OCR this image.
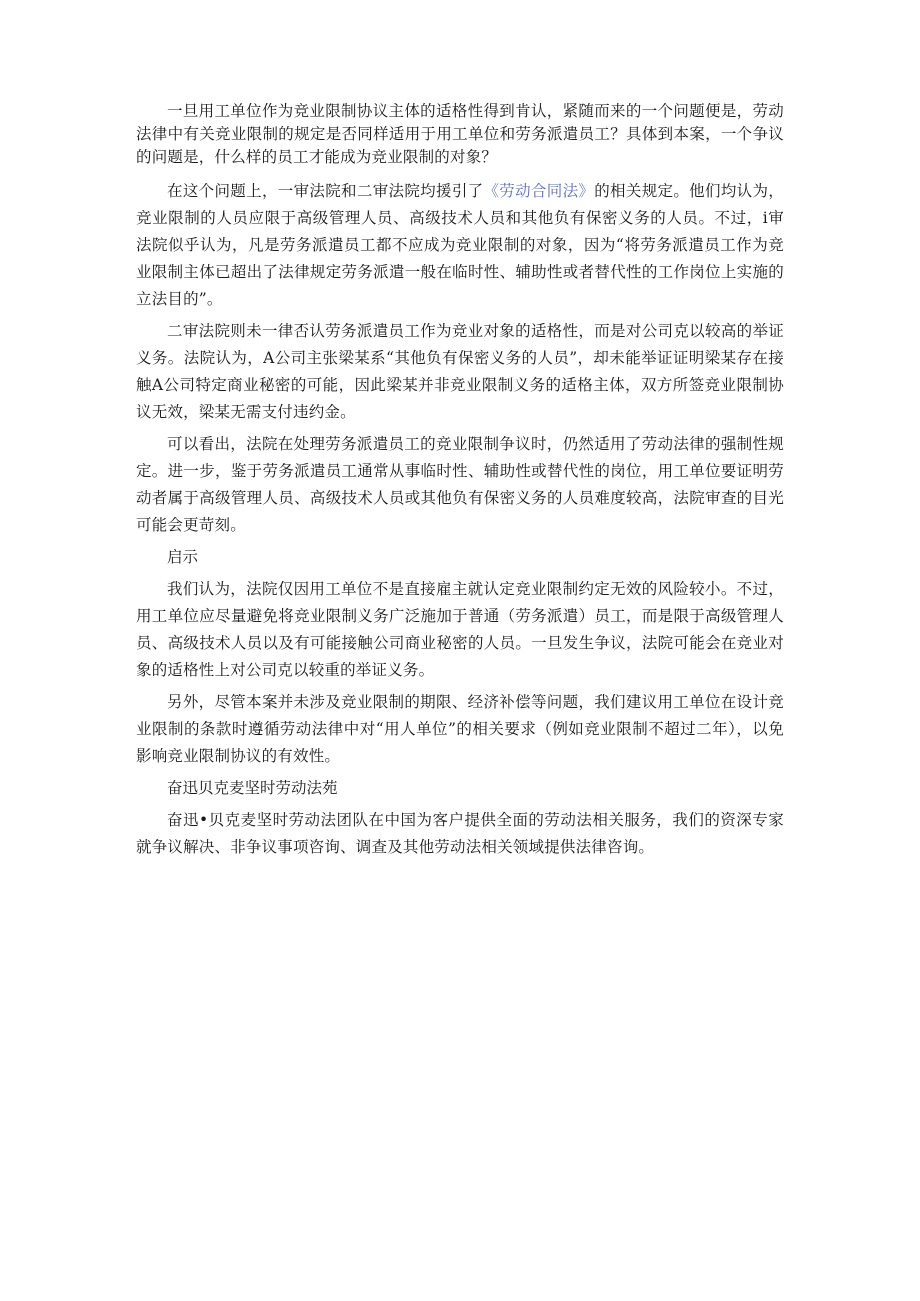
一旦用工单位作为竞业限制协议主体的适格性得到肯认，紧随而来的一个问题便是，劳动法律中有关竞业限制的规定是否同样适用于用工单位和劳务派遣员工？具体到本案，一个争议的问题是，什么样的员工才能成为竞业限制的对象？

在这个问题上，一审法院和二审法院均援引了《劳动合同法》的相关规定。他们均认为，竞业限制的人员应限于高级管理人员、高级技术人员和其他负有保密义务的人员。不过，i审法院似乎认为，凡是劳务派遣员工都不应成为竞业限制的对象，因为“将劳务派遣员工作为竞业限制主体已超出了法律规定劳务派遣一般在临时性、辅助性或者替代性的工作岗位上实施的立法目的”。

二审法院则未一律否认劳务派遣员工作为竞业对象的适格性，而是对公司克以较高的举证义务。法院认为，A公司主张梁某系“其他负有保密义务的人员”，却未能举证证明梁某存在接触A公司特定商业秘密的可能，因此梁某并非竞业限制义务的适格主体，双方所签竞业限制协议无效，梁某无需支付违约金。

可以看出，法院在处理劳务派遣员工的竞业限制争议时，仍然适用了劳动法律的强制性规定。进一步，鉴于劳务派遣员工通常从事临时性、辅助性或替代性的岗位，用工单位要证明劳动者属于高级管理人员、高级技术人员或其他负有保密义务的人员难度较高，法院审查的目光可能会更苛刻。

启示

我们认为，法院仅因用工单位不是直接雇主就认定竞业限制约定无效的风险较小。不过，用工单位应尽量避免将竞业限制义务广泛施加于普通（劳务派遣）员工，而是限于高级管理人员、高级技术人员以及有可能接触公司商业秘密的人员。一旦发生争议，法院可能会在竞业对象的适格性上对公司克以较重的举证义务。

另外，尽管本案并未涉及竞业限制的期限、经济补偿等问题，我们建议用工单位在设计竞业限制的条款时遵循劳动法律中对“用人单位”的相关要求（例如竞业限制不超过二年），以免影响竞业限制协议的有效性。

奋迅贝克麦坚时劳动法苑

奋迅•贝克麦坚时劳动法团队在中国为客户提供全面的劳动法相关服务，我们的资深专家就争议解决、非争议事项咨询、调查及其他劳动法相关领域提供法律咨询。
